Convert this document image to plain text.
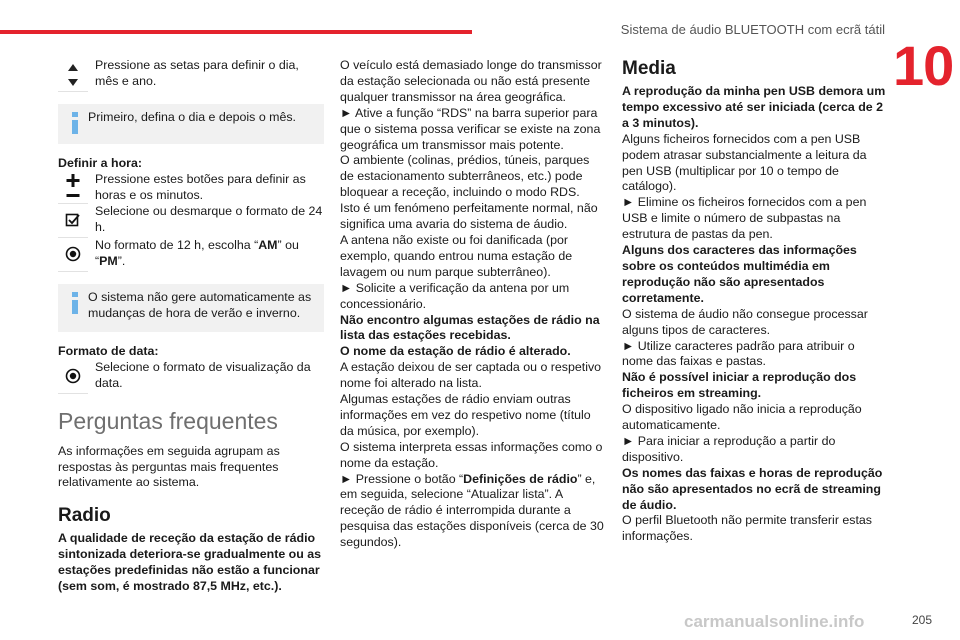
Sistema de áudio BLUETOOTH com ecrã tátil
10
Pressione as setas para definir o dia, mês e ano.
Primeiro, defina o dia e depois o mês.
Definir a hora:
Pressione estes botões para definir as horas e os minutos.
Selecione ou desmarque o formato de 24 h.
No formato de 12 h, escolha “AM” ou “PM”.
O sistema não gere automaticamente as mudanças de hora de verão e inverno.
Formato de data:
Selecione o formato de visualização da data.
Perguntas frequentes
As informações em seguida agrupam as respostas às perguntas mais frequentes relativamente ao sistema.
Radio
A qualidade de receção da estação de rádio sintonizada deteriora-se gradualmente ou as estações predefinidas não estão a funcionar (sem som, é mostrado 87,5 MHz, etc.).
O veículo está demasiado longe do transmissor da estação selecionada ou não está presente qualquer transmissor na área geográfica.
► Ative a função “RDS” na barra superior para que o sistema possa verificar se existe na zona geográfica um transmissor mais potente.
O ambiente (colinas, prédios, túneis, parques de estacionamento subterrâneos, etc.) pode bloquear a receção, incluindo o modo RDS.
Isto é um fenómeno perfeitamente normal, não significa uma avaria do sistema de áudio.
A antena não existe ou foi danificada (por exemplo, quando entrou numa estação de lavagem ou num parque subterrâneo).
► Solicite a verificação da antena por um concessionário.
Não encontro algumas estações de rádio na lista das estações recebidas.
O nome da estação de rádio é alterado.
A estação deixou de ser captada ou o respetivo nome foi alterado na lista.
Algumas estações de rádio enviam outras informações em vez do respetivo nome (título da música, por exemplo).
O sistema interpreta essas informações como o nome da estação.
► Pressione o botão “Definições de rádio” e, em seguida, selecione “Atualizar lista”. A receção de rádio é interrompida durante a pesquisa das estações disponíveis (cerca de 30 segundos).
Media
A reprodução da minha pen USB demora um tempo excessivo até ser iniciada (cerca de 2 a 3 minutos).
Alguns ficheiros fornecidos com a pen USB podem atrasar substancialmente a leitura da pen USB (multiplicar por 10 o tempo de catálogo).
► Elimine os ficheiros fornecidos com a pen USB e limite o número de subpastas na estrutura de pastas da pen.
Alguns dos caracteres das informações sobre os conteúdos multimédia em reprodução não são apresentados corretamente.
O sistema de áudio não consegue processar alguns tipos de caracteres.
► Utilize caracteres padrão para atribuir o nome das faixas e pastas.
Não é possível iniciar a reprodução dos ficheiros em streaming.
O dispositivo ligado não inicia a reprodução automaticamente.
► Para iniciar a reprodução a partir do dispositivo.
Os nomes das faixas e horas de reprodução não são apresentados no ecrã de streaming de áudio.
O perfil Bluetooth não permite transferir estas informações.
carmanualsonline.info	205
